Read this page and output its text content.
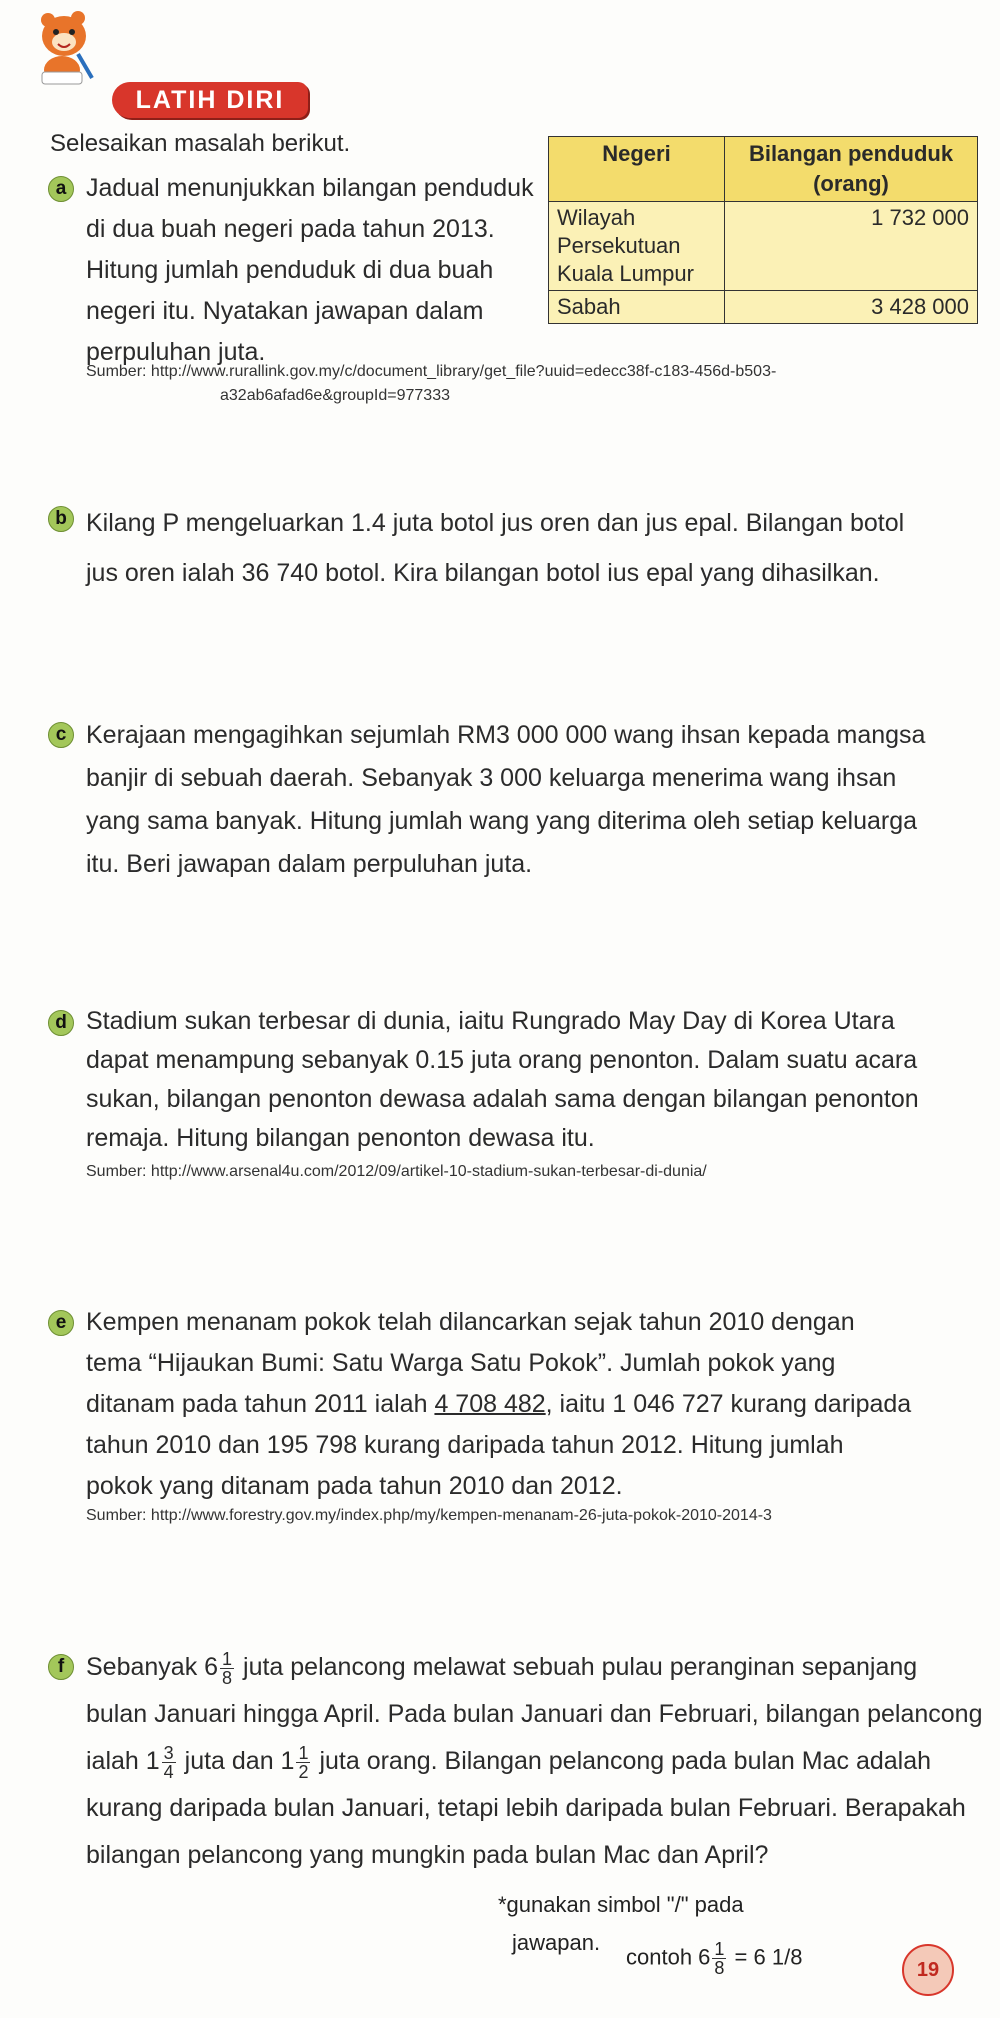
LATIH DIRI
Selesaikan masalah berikut.
a Jadual menunjukkan bilangan penduduk
di dua buah negeri pada tahun 2013.
Hitung jumlah penduduk di dua buah
negeri itu. Nyatakan jawapan dalam
perpuluhan juta.
Negeri	Bilangan penduduk
(orang)

Wilayah
Persekutuan
Kuala Lumpur	1 732 000
Sabah	3 428 000
Sumber: http://www.rurallink.gov.my/c/document_library/get_file?uuid=edecc38f-c183-456d-b503-
a32ab6afad6e&groupId=977333
b Kilang P mengeluarkan 1.4 juta botol jus oren dan jus epal. Bilangan botol
jus oren ialah 36 740 botol. Kira bilangan botol ius epal yang dihasilkan.
c Kerajaan mengagihkan sejumlah RM3 000 000 wang ihsan kepada mangsa
banjir di sebuah daerah. Sebanyak 3 000 keluarga menerima wang ihsan
yang sama banyak. Hitung jumlah wang yang diterima oleh setiap keluarga
itu. Beri jawapan dalam perpuluhan juta.
d Stadium sukan terbesar di dunia, iaitu Rungrado May Day di Korea Utara
dapat menampung sebanyak 0.15 juta orang penonton. Dalam suatu acara
sukan, bilangan penonton dewasa adalah sama dengan bilangan penonton
remaja. Hitung bilangan penonton dewasa itu.
Sumber: http://www.arsenal4u.com/2012/09/artikel-10-stadium-sukan-terbesar-di-dunia/
e Kempen menanam pokok telah dilancarkan sejak tahun 2010 dengan
tema “Hijaukan Bumi: Satu Warga Satu Pokok”. Jumlah pokok yang
ditanam pada tahun 2011 ialah 4 708 482, iaitu 1 046 727 kurang daripada
tahun 2010 dan 195 798 kurang daripada tahun 2012. Hitung jumlah
pokok yang ditanam pada tahun 2010 dan 2012.
Sumber: http://www.forestry.gov.my/index.php/my/kempen-menanam-26-juta-pokok-2010-2014-3
f Sebanyak $6 \frac{1}{8}$ juta pelancong melawat sebuah pulau peranginan sepanjang
bulan Januari hingga April. Pada bulan Januari dan Februari, bilangan pelancong
ialah $1 \frac{3}{4}$ juta dan $1 \frac{1}{2}$ juta orang. Bilangan pelancong pada bulan Mac adalah
kurang daripada bulan Januari, tetapi lebih daripada bulan Februari. Berapakah
bilangan pelancong yang mungkin pada bulan Mac dan April?
*gunakan simbol "/" pada
jawapan.
contoh $6 \frac{1}{8} = 6$ 1/8
19
